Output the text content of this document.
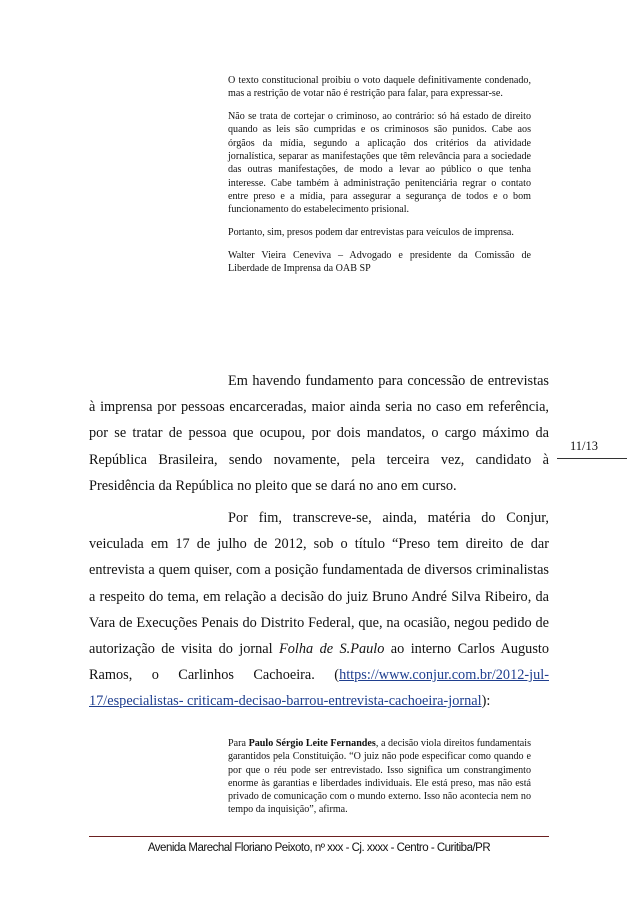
O texto constitucional proibiu o voto daquele definitivamente condenado, mas a restrição de votar não é restrição para falar, para expressar-se.

Não se trata de cortejar o criminoso, ao contrário: só há estado de direito quando as leis são cumpridas e os criminosos são punidos. Cabe aos órgãos da mídia, segundo a aplicação dos critérios da atividade jornalística, separar as manifestações que têm relevância para a sociedade das outras manifestações, de modo a levar ao público o que tenha interesse. Cabe também à administração penitenciária regrar o contato entre preso e a mídia, para assegurar a segurança de todos e o bom funcionamento do estabelecimento prisional.

Portanto, sim, presos podem dar entrevistas para veículos de imprensa.

Walter Vieira Ceneviva – Advogado e presidente da Comissão de Liberdade de Imprensa da OAB SP

Em havendo fundamento para concessão de entrevistas à imprensa por pessoas encarceradas, maior ainda seria no caso em referência, por se tratar de pessoa que ocupou, por dois mandatos, o cargo máximo da República Brasileira, sendo novamente, pela terceira vez, candidato à Presidência da República no pleito que se dará no ano em curso.

Por fim, transcreve-se, ainda, matéria do Conjur, veiculada em 17 de julho de 2012, sob o título “Preso tem direito de dar entrevista a quem quiser, com a posição fundamentada de diversos criminalistas a respeito do tema, em relação a decisão do juiz Bruno André Silva Ribeiro, da Vara de Execuções Penais do Distrito Federal, que, na ocasião, negou pedido de autorização de visita do jornal Folha de S.Paulo ao interno Carlos Augusto Ramos, o Carlinhos Cachoeira. (https://www.conjur.com.br/2012-jul-17/especialistas- criticam-decisao-barrou-entrevista-cachoeira-jornal):

Para Paulo Sérgio Leite Fernandes, a decisão viola direitos fundamentais garantidos pela Constituição. “O juiz não pode especificar como quando e por que o réu pode ser entrevistado. Isso significa um constrangimento enorme às garantias e liberdades individuais. Ele está preso, mas não está privado de comunicação com o mundo externo. Isso não acontecia nem no tempo da inquisição”, afirma.

11/13
Avenida Marechal Floriano Peixoto, nº xxx - Cj. xxxx - Centro - Curitiba/PR
